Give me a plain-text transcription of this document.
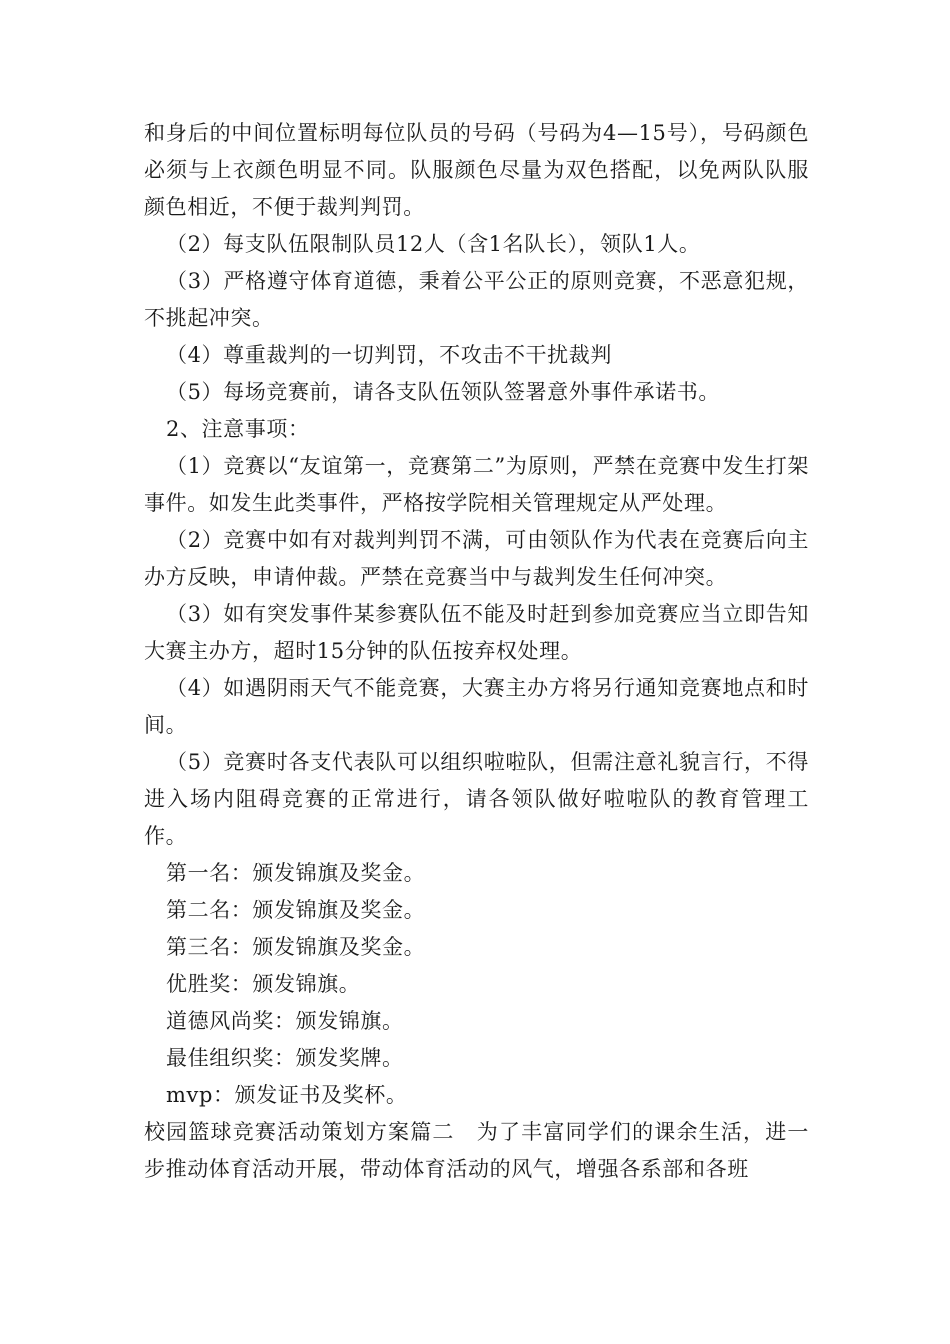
和身后的中间位置标明每位队员的号码（号码为4—15号），号码颜色必须与上衣颜色明显不同。队服颜色尽量为双色搭配，以免两队队服颜色相近，不便于裁判判罚。

（2）每支队伍限制队员12人（含1名队长），领队1人。

（3）严格遵守体育道德，秉着公平公正的原则竞赛，不恶意犯规，不挑起冲突。

（4）尊重裁判的一切判罚，不攻击不干扰裁判

（5）每场竞赛前，请各支队伍领队签署意外事件承诺书。

2、注意事项：

（1）竞赛以“友谊第一，竞赛第二”为原则，严禁在竞赛中发生打架事件。如发生此类事件，严格按学院相关管理规定从严处理。

（2）竞赛中如有对裁判判罚不满，可由领队作为代表在竞赛后向主办方反映，申请仲裁。严禁在竞赛当中与裁判发生任何冲突。

（3）如有突发事件某参赛队伍不能及时赶到参加竞赛应当立即告知大赛主办方，超时15分钟的队伍按弃权处理。

（4）如遇阴雨天气不能竞赛，大赛主办方将另行通知竞赛地点和时间。

（5）竞赛时各支代表队可以组织啦啦队，但需注意礼貌言行，不得进入场内阻碍竞赛的正常进行，请各领队做好啦啦队的教育管理工作。

第一名：颁发锦旗及奖金。

第二名：颁发锦旗及奖金。

第三名：颁发锦旗及奖金。

优胜奖：颁发锦旗。

道德风尚奖：颁发锦旗。

最佳组织奖：颁发奖牌。

mvp：颁发证书及奖杯。

校园篮球竞赛活动策划方案篇二　为了丰富同学们的课余生活，进一步推动体育活动开展，带动体育活动的风气，增强各系部和各班
